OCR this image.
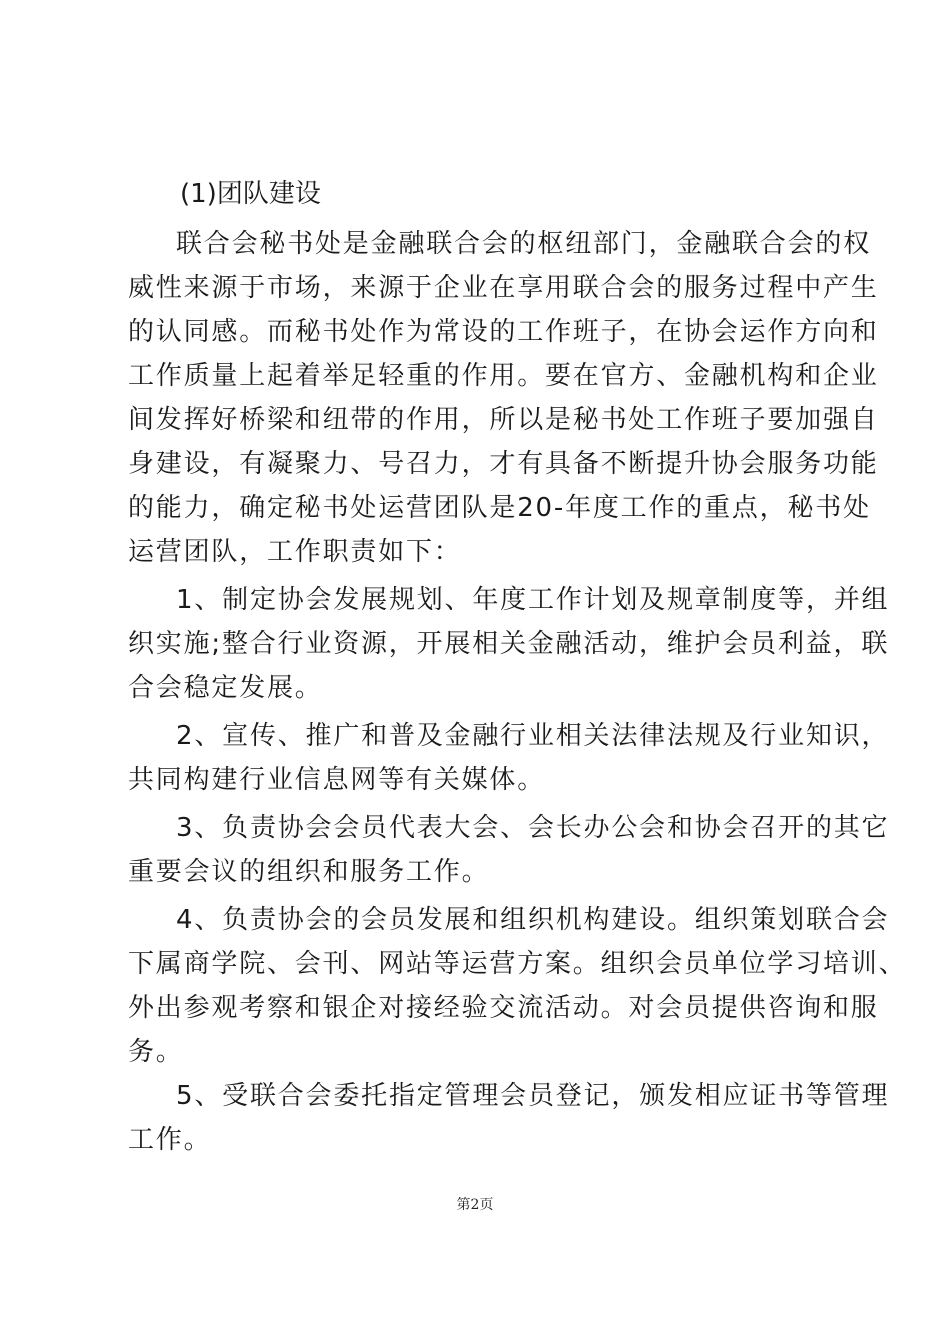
(1)团队建设
联合会秘书处是金融联合会的枢纽部门，金融联合会的权
威性来源于市场，来源于企业在享用联合会的服务过程中产生
的认同感。而秘书处作为常设的工作班子，在协会运作方向和
工作质量上起着举足轻重的作用。要在官方、金融机构和企业
间发挥好桥梁和纽带的作用，所以是秘书处工作班子要加强自
身建设，有凝聚力、号召力，才有具备不断提升协会服务功能
的能力，确定秘书处运营团队是20-年度工作的重点，秘书处
运营团队，工作职责如下：
1、制定协会发展规划、年度工作计划及规章制度等，并组
织实施;整合行业资源，开展相关金融活动，维护会员利益，联
合会稳定发展。
2、宣传、推广和普及金融行业相关法律法规及行业知识，
共同构建行业信息网等有关媒体。
3、负责协会会员代表大会、会长办公会和协会召开的其它
重要会议的组织和服务工作。
4、负责协会的会员发展和组织机构建设。组织策划联合会
下属商学院、会刊、网站等运营方案。组织会员单位学习培训、
外出参观考察和银企对接经验交流活动。对会员提供咨询和服
务。
5、受联合会委托指定管理会员登记，颁发相应证书等管理
工作。
第2页
